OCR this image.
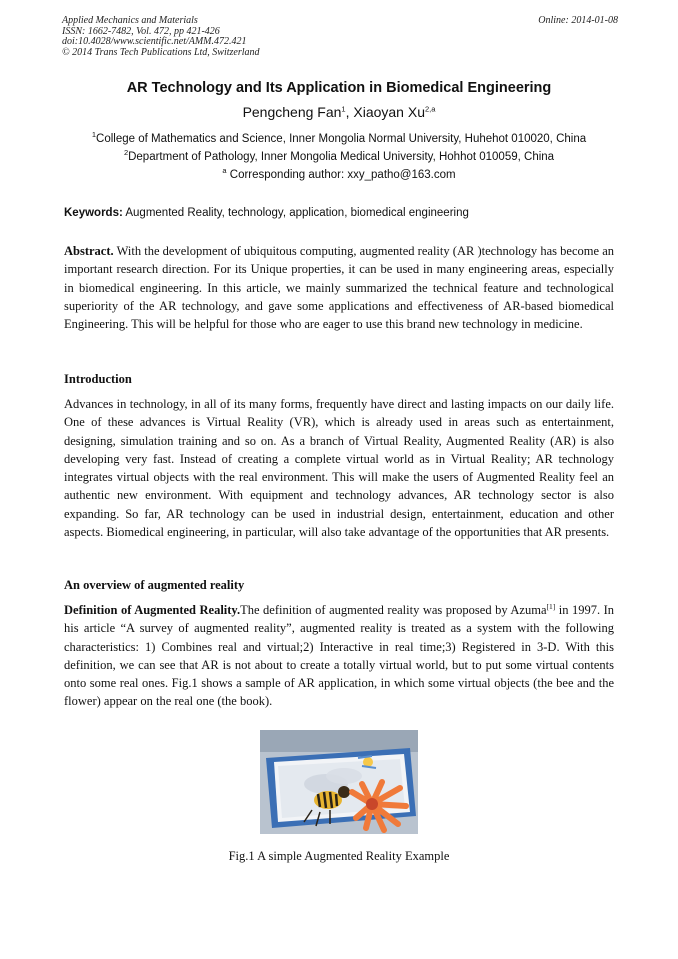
Applied Mechanics and Materials
ISSN: 1662-7482, Vol. 472, pp 421-426
doi:10.4028/www.scientific.net/AMM.472.421
© 2014 Trans Tech Publications Ltd, Switzerland
Online: 2014-01-08
AR Technology and Its Application in Biomedical Engineering
Pengcheng Fan$^1$, Xiaoyan Xu$^{2,a}$
$^1$College of Mathematics and Science, Inner Mongolia Normal University, Huhehot 010020, China
$^2$Department of Pathology, Inner Mongolia Medical University, Hohhot 010059, China
$^a$ Corresponding author: xxy_patho@163.com
Keywords: Augmented Reality, technology, application, biomedical engineering
Abstract. With the development of ubiquitous computing, augmented reality (AR )technology has become an important research direction. For its Unique properties, it can be used in many engineering areas, especially in biomedical engineering. In this article, we mainly summarized the technical feature and technological superiority of the AR technology, and gave some applications and effectiveness of AR-based biomedical Engineering. This will be helpful for those who are eager to use this brand new technology in medicine.
Introduction
Advances in technology, in all of its many forms, frequently have direct and lasting impacts on our daily life. One of these advances is Virtual Reality (VR), which is already used in areas such as entertainment, designing, simulation training and so on. As a branch of Virtual Reality, Augmented Reality (AR) is also developing very fast. Instead of creating a complete virtual world as in Virtual Reality; AR technology integrates virtual objects with the real environment. This will make the users of Augmented Reality feel an authentic new environment. With equipment and technology advances, AR technology sector is also expanding. So far, AR technology can be used in industrial design, entertainment, education and other aspects. Biomedical engineering, in particular, will also take advantage of the opportunities that AR presents.
An overview of augmented reality
Definition of Augmented Reality.The definition of augmented reality was proposed by Azuma[1] in 1997. In his article “A survey of augmented reality”, augmented reality is treated as a system with the following characteristics: 1) Combines real and virtual;2) Interactive in real time;3) Registered in 3-D. With this definition, we can see that AR is not about to create a totally virtual world, but to put some virtual contents onto some real ones. Fig.1 shows a sample of AR application, in which some virtual objects (the bee and the flower) appear on the real one (the book).
Fig.1 A simple Augmented Reality Example
